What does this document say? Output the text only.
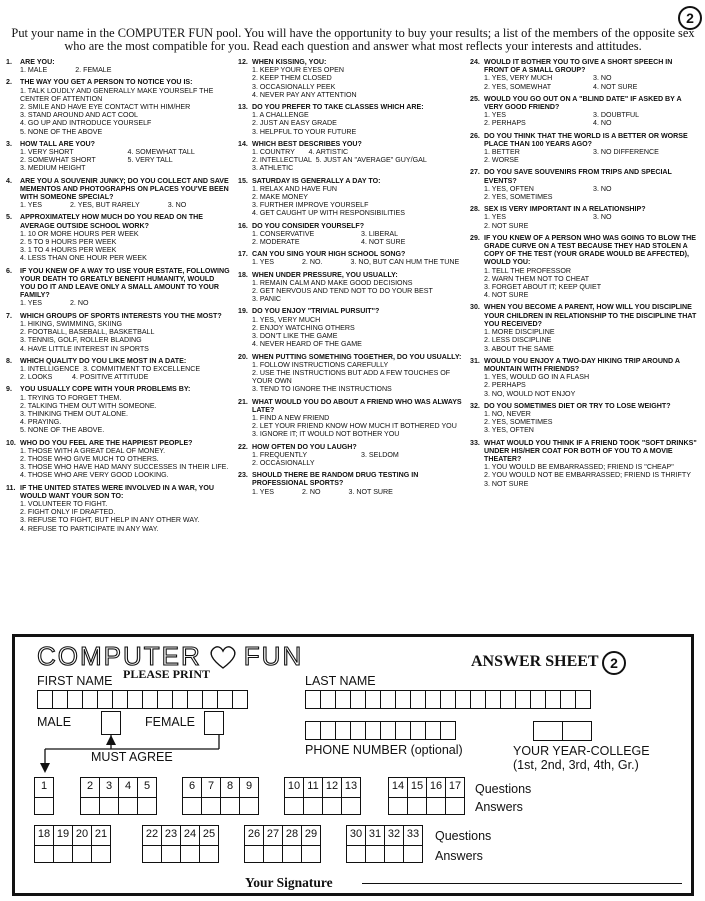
2
Put your name in the COMPUTER FUN pool. You will have the opportunity to buy your results; a list of the members of the opposite sex who are the most compatible for you. Read each question and answer what most reflects your interests and attitudes.
1.	ARE YOU:
1. MALE	2. FEMALE
2.	THE WAY YOU GET A PERSON TO NOTICE YOU IS:
1. TALK LOUDLY AND GENERALLY MAKE YOURSELF THE CENTER OF ATTENTION
2. SMILE AND HAVE EYE CONTACT WITH HIM/HER
3. STAND AROUND AND ACT COOL
4. GO UP AND INTRODUCE YOURSELF
5. NONE OF THE ABOVE
3.	HOW TALL ARE YOU?
1. VERY SHORT	4. SOMEWHAT TALL
2. SOMEWHAT SHORT	5. VERY TALL
3. MEDIUM HEIGHT
4.	ARE YOU A SOUVENIR JUNKY; DO YOU COLLECT AND SAVE MEMENTOS AND PHOTOGRAPHS ON PLACES YOU'VE BEEN WITH SOMEONE SPECIAL?
1. YES	2. YES, BUT RARELY	3. NO
5.	APPROXIMATELY HOW MUCH DO YOU READ ON THE AVERAGE OUTSIDE SCHOOL WORK?
1. 10 OR MORE HOURS PER WEEK
2. 5 TO 9 HOURS PER WEEK
3. 1 TO 4 HOURS PER WEEK
4. LESS THAN ONE HOUR PER WEEK
6.	IF YOU KNEW OF A WAY TO USE YOUR ESTATE, FOLLOWING YOUR DEATH TO GREATLY BENEFIT HUMANITY, WOULD YOU DO IT AND LEAVE ONLY A SMALL AMOUNT TO YOUR FAMILY?
1. YES	2. NO
7.	WHICH GROUPS OF SPORTS INTERESTS YOU THE MOST?
1. HIKING, SWIMMING, SKIING
2. FOOTBALL, BASEBALL, BASKETBALL
3. TENNIS, GOLF, ROLLER BLADING
4. HAVE LITTLE INTEREST IN SPORTS
8.	WHICH QUALITY DO YOU LIKE MOST IN A DATE:
1. INTELLIGENCE  3. COMMITMENT TO EXCELLENCE
2. LOOKS          4. POSITIVE ATTITUDE
9.	YOU USUALLY COPE WITH YOUR PROBLEMS BY:
1. TRYING TO FORGET THEM.
2. TALKING THEM OUT WITH SOMEONE.
3. THINKING THEM OUT ALONE.
4. PRAYING.
5. NONE OF THE ABOVE.
10. WHO DO YOU FEEL ARE THE HAPPIEST PEOPLE?
1. THOSE WITH A GREAT DEAL OF MONEY.
2. THOSE WHO GIVE MUCH TO OTHERS.
3. THOSE WHO HAVE HAD MANY SUCCESSES IN THEIR LIFE.
4. THOSE WHO ARE VERY GOOD LOOKING.
11. IF THE UNITED STATES WERE INVOLVED IN A WAR, YOU WOULD WANT YOUR SON TO:
1. VOLUNTEER TO FIGHT.
2. FIGHT ONLY IF DRAFTED.
3. REFUSE TO FIGHT, BUT HELP IN ANY OTHER WAY.
4. REFUSE TO PARTICIPATE IN ANY WAY.
12. WHEN KISSING, YOU:
1. KEEP YOUR EYES OPEN
2. KEEP THEM CLOSED
3. OCCASIONALLY PEEK
4. NEVER PAY ANY ATTENTION
13. DO YOU PREFER TO TAKE CLASSES WHICH ARE:
1. A CHALLENGE
2. JUST AN EASY GRADE
3. HELPFUL TO YOUR FUTURE
14. WHICH BEST DESCRIBES YOU?
1. COUNTRY       4. ARTISTIC
2. INTELLECTUAL  5. JUST AN "AVERAGE" GUY/GAL
3. ATHLETIC
15. SATURDAY IS GENERALLY A DAY TO:
1. RELAX AND HAVE FUN
2. MAKE MONEY
3. FURTHER IMPROVE YOURSELF
4. GET CAUGHT UP WITH RESPONSIBILITIES
16. DO YOU CONSIDER YOURSELF?
1. CONSERVATIVE	3. LIBERAL
2. MODERATE	4. NOT SURE
17. CAN YOU SING YOUR HIGH SCHOOL SONG?
1. YES	2. NO.	3. NO, BUT CAN HUM THE TUNE
18. WHEN UNDER PRESSURE, YOU USUALLY:
1. REMAIN CALM AND MAKE GOOD DECISIONS
2. GET NERVOUS AND TEND NOT TO DO YOUR BEST
3. PANIC
19. DO YOU ENJOY "TRIVIAL PURSUIT"?
1. YES, VERY MUCH
2. ENJOY WATCHING OTHERS
3. DON'T LIKE THE GAME
4. NEVER HEARD OF THE GAME
20. WHEN PUTTING SOMETHING TOGETHER, DO YOU USUALLY:
1. FOLLOW INSTRUCTIONS CAREFULLY
2. USE THE INSTRUCTIONS BUT ADD A FEW TOUCHES OF YOUR OWN
3. TEND TO IGNORE THE INSTRUCTIONS
21. WHAT WOULD YOU DO ABOUT A FRIEND WHO WAS ALWAYS LATE?
1. FIND A NEW FRIEND
2. LET YOUR FRIEND KNOW HOW MUCH IT BOTHERED YOU
3. IGNORE IT; IT WOULD NOT BOTHER YOU
22. HOW OFTEN DO YOU LAUGH?
1. FREQUENTLY	3. SELDOM
2. OCCASIONALLY
23. SHOULD THERE BE RANDOM DRUG TESTING IN PROFESSIONAL SPORTS?
1. YES	2. NO	3. NOT SURE
24. WOULD IT BOTHER YOU TO GIVE A SHORT SPEECH IN FRONT OF A SMALL GROUP?
1. YES, VERY MUCH	3. NO
2. YES, SOMEWHAT	4. NOT SURE
25. WOULD YOU GO OUT ON A "BLIND DATE" IF ASKED BY A VERY GOOD FRIEND?
1. YES	3. DOUBTFUL
2. PERHAPS	4. NO
26. DO YOU THINK THAT THE WORLD IS A BETTER OR WORSE PLACE THAN 100 YEARS AGO?
1. BETTER	3. NO DIFFERENCE
2. WORSE
27. DO YOU SAVE SOUVENIRS FROM TRIPS AND SPECIAL EVENTS?
1. YES, OFTEN	3. NO
2. YES, SOMETIMES
28. SEX IS VERY IMPORTANT IN A RELATIONSHIP?
1. YES	3. NO
2. NOT SURE
29. IF YOU KNEW OF A PERSON WHO WAS GOING TO BLOW THE GRADE CURVE ON A TEST BECAUSE THEY HAD STOLEN A COPY OF THE TEST (YOUR GRADE WOULD BE AFFECTED), WOULD YOU:
1. TELL THE PROFESSOR
2. WARN THEM NOT TO CHEAT
3. FORGET ABOUT IT; KEEP QUIET
4. NOT SURE
30. WHEN YOU BECOME A PARENT, HOW WILL YOU DISCIPLINE YOUR CHILDREN IN RELATIONSHIP TO THE DISCIPLINE THAT YOU RECEIVED?
1. MORE DISCIPLINE
2. LESS DISCIPLINE
3. ABOUT THE SAME
31. WOULD YOU ENJOY A TWO-DAY HIKING TRIP AROUND A MOUNTAIN WITH FRIENDS?
1. YES, WOULD GO IN A FLASH
2. PERHAPS
3. NO, WOULD NOT ENJOY
32. DO YOU SOMETIMES DIET OR TRY TO LOSE WEIGHT?
1. NO, NEVER
2. YES, SOMETIMES
3. YES, OFTEN
33. WHAT WOULD YOU THINK IF A FRIEND TOOK "SOFT DRINKS" UNDER HIS/HER COAT FOR BOTH OF YOU TO A MOVIE THEATER?
1. YOU WOULD BE EMBARRASSED; FRIEND IS "CHEAP"
2. YOU WOULD NOT BE EMBARRASSED; FRIEND IS THRIFTY
3. NOT SURE
COMPUTER FUN	ANSWER SHEET 2
PLEASE PRINT
FIRST NAME	LAST NAME
MALE	FEMALE
MUST AGREE	PHONE NUMBER (optional)	YOUR YEAR-COLLEGE
(1st, 2nd, 3rd, 4th, Gr.)
1	2	3	4	5	6	7	8	9	10 11 12 13	14 15 16 17 Questions
Answers
18 19 20 21	22 23 24 25	26 27 28 29	30 31 32 33 Questions
Answers
Your Signature
